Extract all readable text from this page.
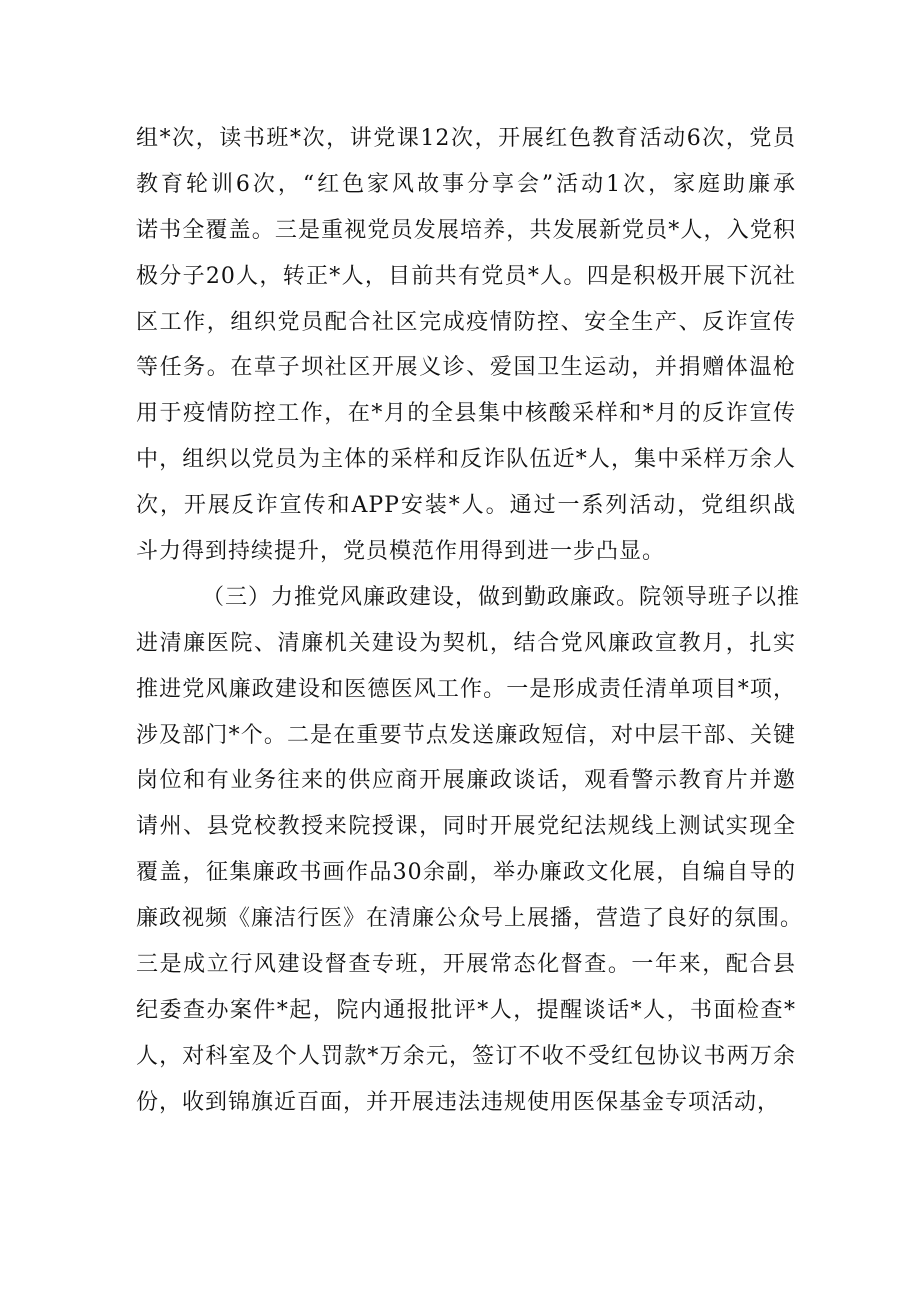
组*次，读书班*次，讲党课12次，开展红色教育活动6次，党员
教育轮训6次，“红色家风故事分享会”活动1次，家庭助廉承
诺书全覆盖。三是重视党员发展培养，共发展新党员*人，入党积
极分子20人，转正*人，目前共有党员*人。四是积极开展下沉社
区工作，组织党员配合社区完成疫情防控、安全生产、反诈宣传
等任务。在草子坝社区开展义诊、爱国卫生运动，并捐赠体温枪
用于疫情防控工作，在*月的全县集中核酸采样和*月的反诈宣传
中，组织以党员为主体的采样和反诈队伍近*人，集中采样万余人
次，开展反诈宣传和APP安装*人。通过一系列活动，党组织战
斗力得到持续提升，党员模范作用得到进一步凸显。
（三）力推党风廉政建设，做到勤政廉政。院领导班子以推
进清廉医院、清廉机关建设为契机，结合党风廉政宣教月，扎实
推进党风廉政建设和医德医风工作。一是形成责任清单项目*项，
涉及部门*个。二是在重要节点发送廉政短信，对中层干部、关键
岗位和有业务往来的供应商开展廉政谈话，观看警示教育片并邀
请州、县党校教授来院授课，同时开展党纪法规线上测试实现全
覆盖，征集廉政书画作品30余副，举办廉政文化展，自编自导的
廉政视频《廉洁行医》在清廉公众号上展播，营造了良好的氛围。
三是成立行风建设督查专班，开展常态化督查。一年来，配合县
纪委查办案件*起，院内通报批评*人，提醒谈话*人，书面检查*
人，对科室及个人罚款*万余元，签订不收不受红包协议书两万余
份，收到锦旗近百面，并开展违法违规使用医保基金专项活动，
